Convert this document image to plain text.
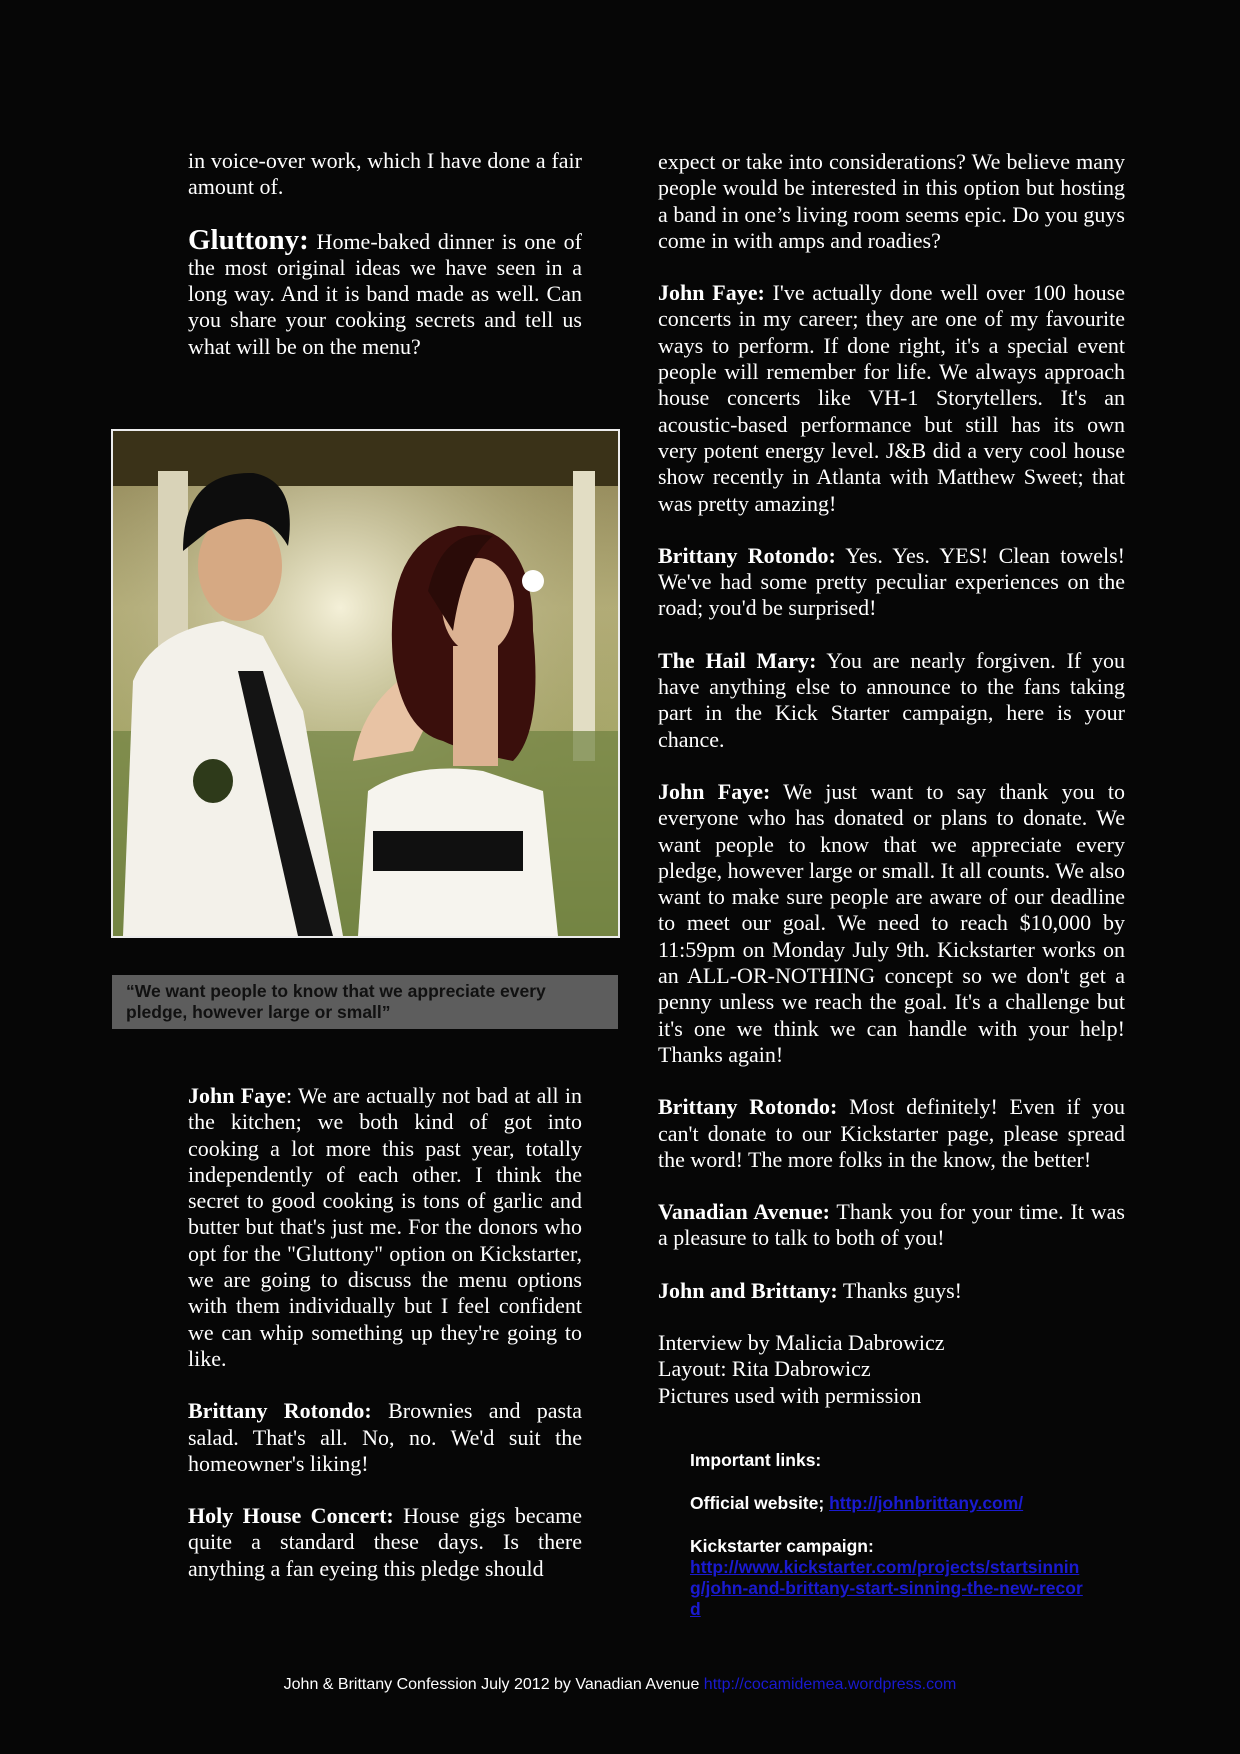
in voice-over work, which I have done a fair amount of.

Gluttony: Home-baked dinner is one of the most original ideas we have seen in a long way. And it is band made as well. Can you share your cooking secrets and tell us what will be on the menu?

“We want people to know that we appreciate every pledge, however large or small”

John Faye: We are actually not bad at all in the kitchen; we both kind of got into cooking a lot more this past year, totally independently of each other. I think the secret to good cooking is tons of garlic and butter but that's just me. For the donors who opt for the "Gluttony" option on Kickstarter, we are going to discuss the menu options with them individually but I feel confident we can whip something up they're going to like.

Brittany Rotondo: Brownies and pasta salad. That's all. No, no. We'd suit the homeowner's liking!

Holy House Concert: House gigs became quite a standard these days. Is there anything a fan eyeing this pledge should

expect or take into considerations? We believe many people would be interested in this option but hosting a band in one’s living room seems epic. Do you guys come in with amps and roadies?

John Faye: I've actually done well over 100 house concerts in my career; they are one of my favourite ways to perform. If done right, it's a special event people will remember for life. We always approach house concerts like VH-1 Storytellers. It's an acoustic-based performance but still has its own very potent energy level. J&B did a very cool house show recently in Atlanta with Matthew Sweet; that was pretty amazing!

Brittany Rotondo: Yes. Yes. YES! Clean towels! We've had some pretty peculiar experiences on the road; you'd be surprised!

The Hail Mary: You are nearly forgiven. If you have anything else to announce to the fans taking part in the Kick Starter campaign, here is your chance.

John Faye: We just want to say thank you to everyone who has donated or plans to donate. We want people to know that we appreciate every pledge, however large or small. It all counts. We also want to make sure people are aware of our deadline to meet our goal. We need to reach $10,000 by 11:59pm on Monday July 9th. Kickstarter works on an ALL-OR-NOTHING concept so we don't get a penny unless we reach the goal. It's a challenge but it's one we think we can handle with your help! Thanks again!

Brittany Rotondo: Most definitely! Even if you can't donate to our Kickstarter page, please spread the word! The more folks in the know, the better!

Vanadian Avenue: Thank you for your time. It was a pleasure to talk to both of you!

John and Brittany: Thanks guys!

Interview by Malicia Dabrowicz
Layout: Rita Dabrowicz
Pictures used with permission
Important links:
Official website; http://johnbrittany.com/
Kickstarter campaign:
http://www.kickstarter.com/projects/startsinning/john-and-brittany-start-sinning-the-new-record
John & Brittany Confession July 2012 by Vanadian Avenue http://cocamidemea.wordpress.com
